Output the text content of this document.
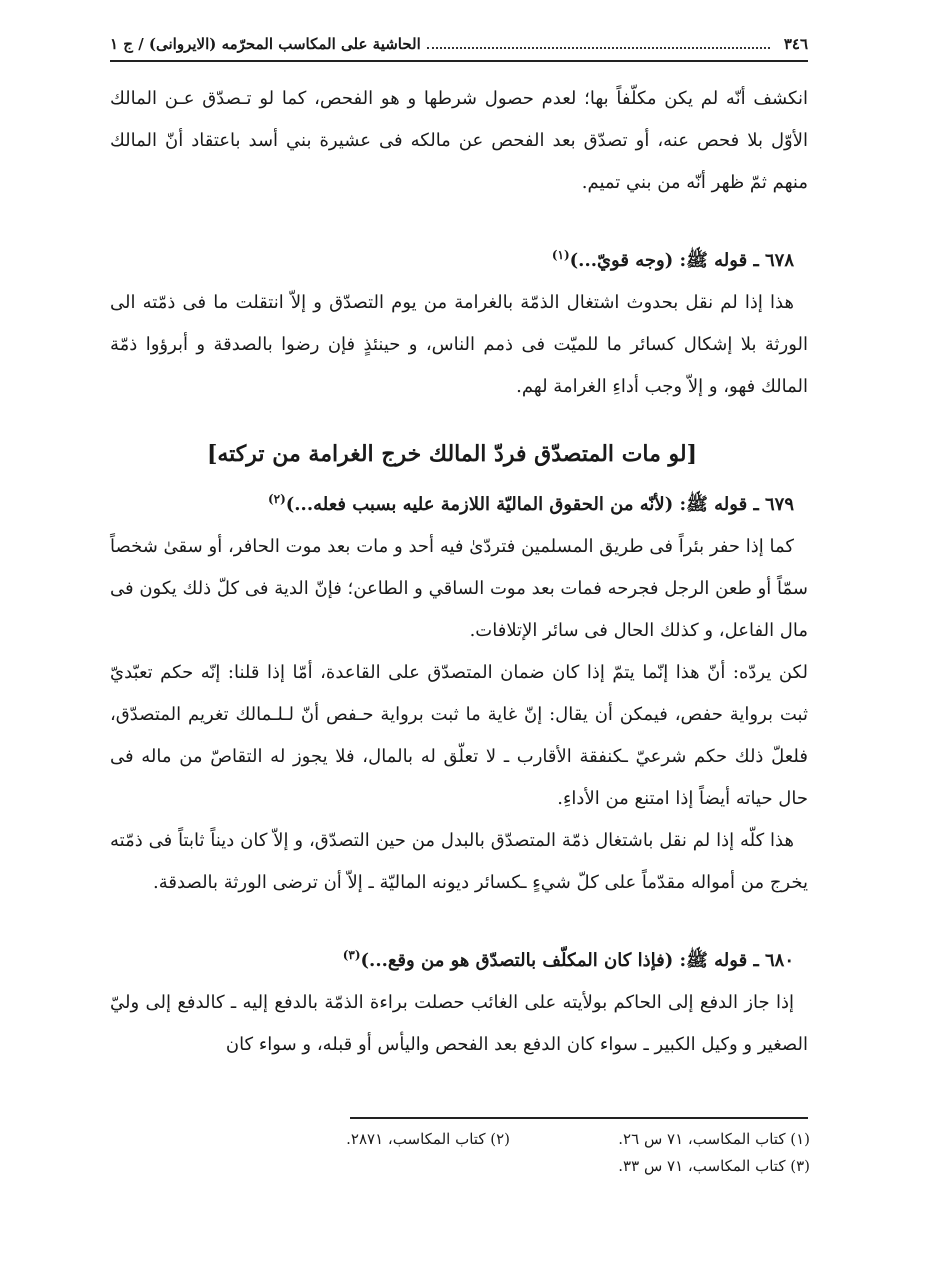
٣٤٦
الحاشية على المكاسب المحرّمه (الايروانى) / ج ١

انكشف أنّه لم يكن مكلّفاً بها؛ لعدم حصول شرطها و هو الفحص، كما لو تـصدّق عـن المالك الأوّل بلا فحص عنه، أو تصدّق بعد الفحص عن مالكه فى عشيرة بني أسد باعتقاد أنّ المالك منهم ثمّ ظهر أنّه من بني تميم.

٦٧٨ ـ قوله ﷺ: (وجه قويّ...)$^{(١)}$

هذا إذا لم نقل بحدوث اشتغال الذمّة بالغرامة من يوم التصدّق و إلاّ انتقلت ما فى ذمّته الى الورثة بلا إشكال كسائر ما للميّت فى ذمم الناس، و حينئذٍ فإن رضوا بالصدقة و أبرؤوا ذمّة المالك فهو، و إلاّ وجب أداءِ الغرامة لهم.

[لو مات المتصدّق فردّ المالك خرج الغرامة من تركته]

٦٧٩ ـ قوله ﷺ: (لأنّه من الحقوق الماليّة اللازمة عليه بسبب فعله...)$^{(٢)}$

كما إذا حفر بئراً فى طريق المسلمين فتردّىٰ فيه أحد و مات بعد موت الحافر، أو سقىٰ شخصاً سمّاً أو طعن الرجل فجرحه فمات بعد موت الساقي و الطاعن؛ فإنّ الدية فى كلّ ذلك يكون فى مال الفاعل، و كذلك الحال فى سائر الإتلافات.

لكن يردّه: أنّ هذا إنّما يتمّ إذا كان ضمان المتصدّق على القاعدة، أمّا إذا قلنا: إنّه حكم تعبّديّ ثبت برواية حفص، فيمكن أن يقال: إنّ غاية ما ثبت برواية حـفص أنّ لـلـمالك تغريم المتصدّق، فلعلّ ذلك حكم شرعيّ ـكنفقة الأقارب ـ لا تعلّق له بالمال، فلا يجوز له التقاصّ من ماله فى حال حياته أيضاً إذا امتنع من الأداءِ.

هذا كلّه إذا لم نقل باشتغال ذمّة المتصدّق بالبدل من حين التصدّق، و إلاّ كان ديناً ثابتاً فى ذمّته يخرج من أمواله مقدّماً على كلّ شيءٍ ـكسائر ديونه الماليّة ـ إلاّ أن ترضى الورثة بالصدقة.

٦٨٠ ـ قوله ﷺ: (فإذا كان المكلّف بالتصدّق هو من وقع...)$^{(٣)}$

إذا جاز الدفع إلى الحاكم بولأيته على الغائب حصلت براءة الذمّة بالدفع إليه ـ كالدفع إلى وليّ الصغير و وكيل الكبير ـ سواء كان الدفع بعد الفحص واليأس أو قبله، و سواء كان

(١) كتاب المكاسب، ٧١ س ٢٦.
(٢) كتاب المكاسب، ٢٨٧١.
(٣) كتاب المكاسب، ٧١ س ٣٣.
